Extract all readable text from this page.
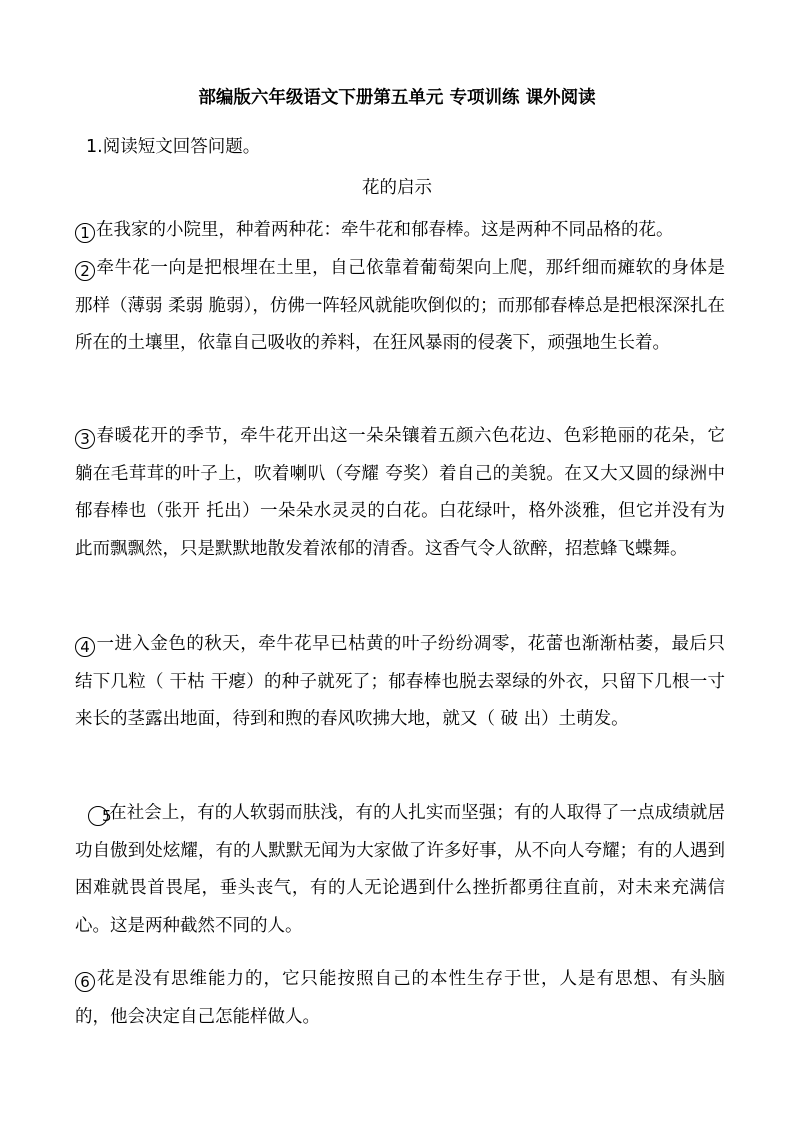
部编版六年级语文下册第五单元 专项训练 课外阅读
1.阅读短文回答问题。
花的启示
1 在我家的小院里，种着两种花：牵牛花和郁春棒。这是两种不同品格的花。
2 牵牛花一向是把根埋在土里，自己依靠着葡萄架向上爬，那纤细而瘫软的身体是那样（薄弱 柔弱 脆弱），仿佛一阵轻风就能吹倒似的；而那郁春棒总是把根深深扎在所在的土壤里，依靠自己吸收的养料，在狂风暴雨的侵袭下，顽强地生长着。
3 春暖花开的季节，牵牛花开出这一朵朵镶着五颜六色花边、色彩艳丽的花朵，它躺在毛茸茸的叶子上，吹着喇叭（夸耀 夸奖）着自己的美貌。在又大又圆的绿洲中郁春棒也（张开 托出）一朵朵水灵灵的白花。白花绿叶，格外淡雅，但它并没有为此而飘飘然，只是默默地散发着浓郁的清香。这香气令人欲醉，招惹蜂飞蝶舞。
4 一进入金色的秋天，牵牛花早已枯黄的叶子纷纷凋零，花蕾也渐渐枯萎，最后只结下几粒（ 干枯 干瘪）的种子就死了；郁春棒也脱去翠绿的外衣，只留下几根一寸来长的茎露出地面，待到和煦的春风吹拂大地，就又（ 破 出）土萌发。
5在社会上，有的人软弱而肤浅，有的人扎实而坚强；有的人取得了一点成绩就居功自傲到处炫耀，有的人默默无闻为大家做了许多好事，从不向人夸耀；有的人遇到困难就畏首畏尾，垂头丧气，有的人无论遇到什么挫折都勇往直前，对未来充满信心。这是两种截然不同的人。
6 花是没有思维能力的，它只能按照自己的本性生存于世，人是有思想、有头脑的，他会决定自己怎能样做人。
